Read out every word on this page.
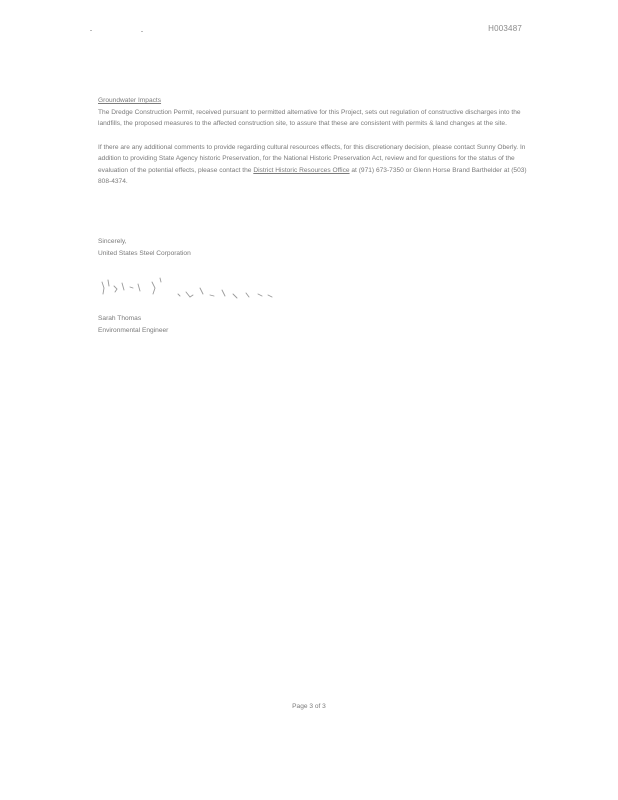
H003487

Groundwater Impacts

The Dredge Construction Permit, received pursuant to permitted alternative for this Project, sets out regulation of constructive discharges into the landfills, the proposed measures to the affected construction site, to assure that these are consistent with permits & land changes at the site.

If there are any additional comments to provide regarding cultural resources effects, for this discretionary decision, please contact Sunny Oberly. In addition to providing State Agency historic Preservation, for the National Historic Preservation Act, review and for questions for the status of the evaluation of the potential effects, please contact the District Historic Resources Office at (971) 673-7350 or Glenn Horse Brand Barthelder at (503) 808-4374.

Sincerely,
United States Steel Corporation
Sarah Thomas
Environmental Engineer
Page 3 of 3
